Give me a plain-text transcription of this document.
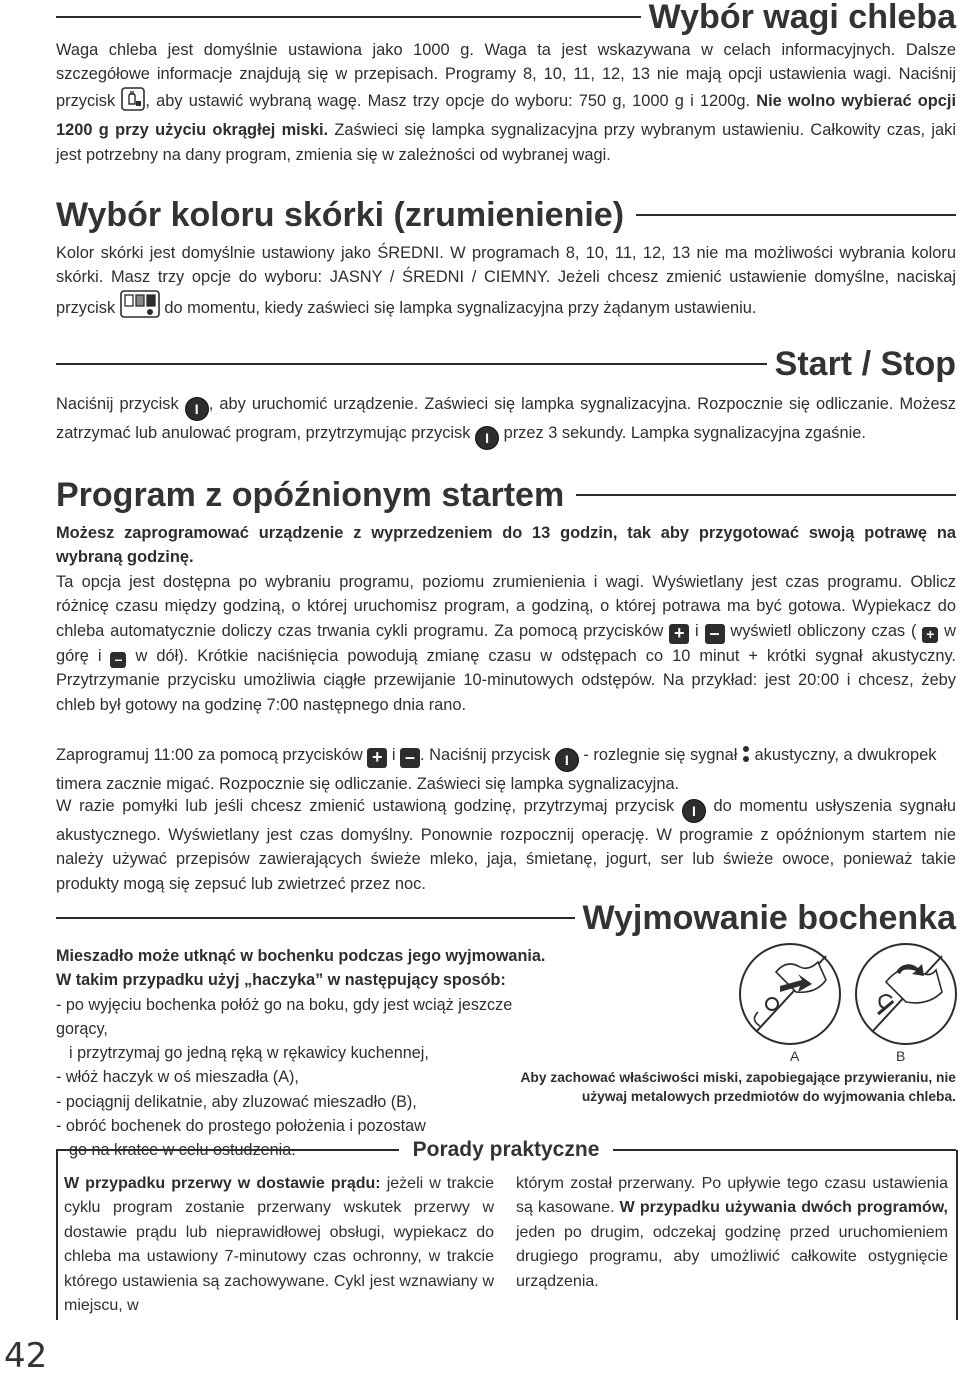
Wybór wagi chleba

Waga chleba jest domyślnie ustawiona jako 1000 g. Waga ta jest wskazywana w celach informacyjnych. Dalsze szczegółowe informacje znajdują się w przepisach. Programy 8, 10, 11, 12, 13 nie mają opcji ustawienia wagi. Naciśnij przycisk , aby ustawić wybraną wagę. Masz trzy opcje do wyboru: 750 g, 1000 g i 1200g. Nie wolno wybierać opcji 1200 g przy użyciu okrągłej miski. Zaświeci się lampka sygnalizacyjna przy wybranym ustawieniu. Całkowity czas, jaki jest potrzebny na dany program, zmienia się w zależności od wybranej wagi.

Wybór koloru skórki (zrumienienie)

Kolor skórki jest domyślnie ustawiony jako ŚREDNI. W programach 8, 10, 11, 12, 13 nie ma możliwości wybrania koloru skórki. Masz trzy opcje do wyboru: JASNY / ŚREDNI / CIEMNY. Jeżeli chcesz zmienić ustawienie domyślne, naciskaj przycisk	do momentu, kiedy zaświeci się lampka sygnalizacyjna przy żądanym ustawieniu.

Start / Stop

Naciśnij przycisk I , aby uruchomić urządzenie. Zaświeci się lampka sygnalizacyjna. Rozpocznie się odliczanie. Możesz zatrzymać lub anulować program, przytrzymując przycisk I przez 3 sekundy. Lampka sygnalizacyjna zgaśnie.

Program z opóźnionym startem

Możesz zaprogramować urządzenie z wyprzedzeniem do 13 godzin, tak aby przygotować swoją potrawę na wybraną godzinę.

Ta opcja jest dostępna po wybraniu programu, poziomu zrumienienia i wagi. Wyświetlany jest czas programu. Oblicz różnicę czasu między godziną, o której uruchomisz program, a godziną, o której potrawa ma być gotowa. Wypiekacz do chleba automatycznie doliczy czas trwania cykli programu. Za pomocą przycisków + i – wyświetl obliczony czas ( + w górę i – w dół). Krótkie naciśnięcia powodują zmianę czasu w odstępach co 10 minut + krótki sygnał akustyczny. Przytrzymanie przycisku umożliwia ciągłe przewijanie 10-minutowych odstępów. Na przykład: jest 20:00 i chcesz, żeby chleb był gotowy na godzinę 7:00 następnego dnia rano.

Zaprogramuj 11:00 za pomocą przycisków + i – . Naciśnij przycisk I - rozlegnie się sygnał akustyczny, a dwukropek timera zacznie migać. Rozpocznie się odliczanie. Zaświeci się lampka sygnalizacyjna.

W razie pomyłki lub jeśli chcesz zmienić ustawioną godzinę, przytrzymaj przycisk I do momentu usłyszenia sygnału akustycznego. Wyświetlany jest czas domyślny. Ponownie rozpocznij operację. W programie z opóźnionym startem nie należy używać przepisów zawierających świeże mleko, jaja, śmietanę, jogurt, ser lub świeże owoce, ponieważ takie produkty mogą się zepsuć lub zwietrzeć przez noc.

Wyjmowanie bochenka
Mieszadło może utknąć w bochenku podczas jego wyjmowania.
W takim przypadku użyj „haczyka” w następujący sposób:
- po wyjęciu bochenka połóż go na boku, gdy jest wciąż jeszcze gorący,
i przytrzymaj go jedną ręką w rękawicy kuchennej,
- włóż haczyk w oś mieszadła (A),
- pociągnij delikatnie, aby zluzować mieszadło (B),
- obróć bochenek do prostego położenia i pozostaw
go na kratce w celu ostudzenia.
A	B
Aby zachować właściwości miski, zapobiegające przywieraniu, nie używaj metalowych przedmiotów do wyjmowania chleba.
Porady praktyczne
W przypadku przerwy w dostawie prądu: jeżeli w trakcie cyklu program zostanie przerwany wskutek przerwy w dostawie prądu lub nieprawidłowej obsługi, wypiekacz do chleba ma ustawiony 7-minutowy czas ochronny, w trakcie którego ustawienia są zachowywane. Cykl jest wznawiany w miejscu, w
którym został przerwany. Po upływie tego czasu ustawienia są kasowane. W przypadku używania dwóch programów, jeden po drugim, odczekaj godzinę przed uruchomieniem drugiego programu, aby umożliwić całkowite ostygnięcie urządzenia.
42
